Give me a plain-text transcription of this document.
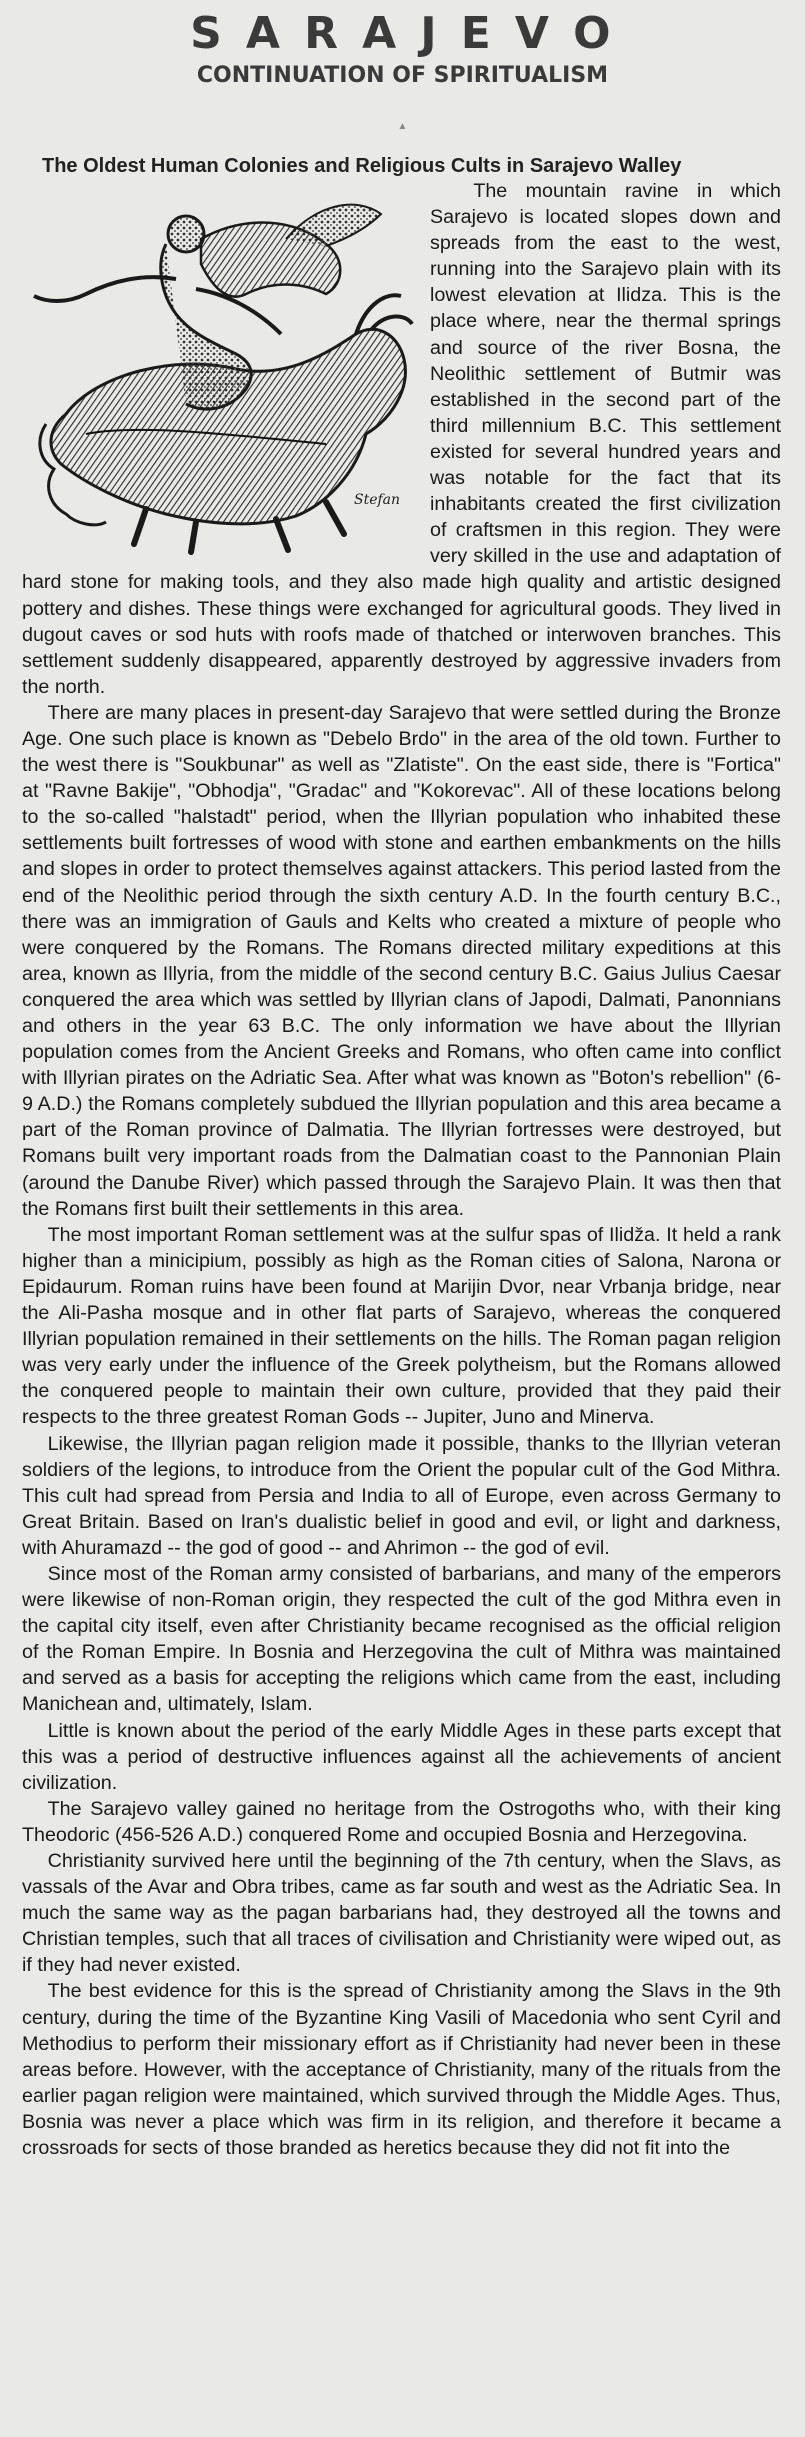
S A R A J E V O
CONTINUATION OF SPIRITUALISM
▲
The Oldest Human Colonies and Religious Cults in Sarajevo Walley
Stefan

The mountain ravine in which Sarajevo is located slopes down and spreads from the east to the west, running into the Sarajevo plain with its lowest elevation at Ilidza. This is the place where, near the thermal springs and source of the river Bosna, the Neolithic settlement of Butmir was established in the second part of the third millennium B.C. This settlement existed for several hundred years and was notable for the fact that its inhabitants created the first civilization of craftsmen in this region. They were very skilled in the use and adaptation of hard stone for making tools, and they also made high quality and artistic designed pottery and dishes. These things were exchanged for agricultural goods. They lived in dugout caves or sod huts with roofs made of thatched or interwoven branches. This settlement suddenly disappeared, apparently destroyed by aggressive invaders from the north.

There are many places in present-day Sarajevo that were settled during the Bronze Age. One such place is known as "Debelo Brdo" in the area of the old town. Further to the west there is "Soukbunar" as well as "Zlatiste". On the east side, there is "Fortica" at "Ravne Bakije", "Obhodja", "Gradac" and "Kokorevac". All of these locations belong to the so-called "halstadt" period, when the Illyrian population who inhabited these settlements built fortresses of wood with stone and earthen embankments on the hills and slopes in order to protect themselves against attackers. This period lasted from the end of the Neolithic period through the sixth century A.D. In the fourth century B.C., there was an immigration of Gauls and Kelts who created a mixture of people who were conquered by the Romans. The Romans directed military expeditions at this area, known as Illyria, from the middle of the second century B.C. Gaius Julius Caesar conquered the area which was settled by Illyrian clans of Japodi, Dalmati, Panonnians and others in the year 63 B.C. The only information we have about the Illyrian population comes from the Ancient Greeks and Romans, who often came into conflict with Illyrian pirates on the Adriatic Sea. After what was known as "Boton's rebellion" (6-9 A.D.) the Romans completely subdued the Illyrian population and this area became a part of the Roman province of Dalmatia. The Illyrian fortresses were destroyed, but Romans built very important roads from the Dalmatian coast to the Pannonian Plain (around the Danube River) which passed through the Sarajevo Plain. It was then that the Romans first built their settlements in this area.

The most important Roman settlement was at the sulfur spas of Ilidža. It held a rank higher than a minicipium, possibly as high as the Roman cities of Salona, Narona or Epidaurum. Roman ruins have been found at Marijin Dvor, near Vrbanja bridge, near the Ali-Pasha mosque and in other flat parts of Sarajevo, whereas the conquered Illyrian population remained in their settlements on the hills. The Roman pagan religion was very early under the influence of the Greek polytheism, but the Romans allowed the conquered people to maintain their own culture, provided that they paid their respects to the three greatest Roman Gods -- Jupiter, Juno and Minerva.

Likewise, the Illyrian pagan religion made it possible, thanks to the Illyrian veteran soldiers of the legions, to introduce from the Orient the popular cult of the God Mithra. This cult had spread from Persia and India to all of Europe, even across Germany to Great Britain. Based on Iran's dualistic belief in good and evil, or light and darkness, with Ahuramazd -- the god of good -- and Ahrimon -- the god of evil.

Since most of the Roman army consisted of barbarians, and many of the emperors were likewise of non-Roman origin, they respected the cult of the god Mithra even in the capital city itself, even after Christianity became recognised as the official religion of the Roman Empire. In Bosnia and Herzegovina the cult of Mithra was maintained and served as a basis for accepting the religions which came from the east, including Manichean and, ultimately, Islam.

Little is known about the period of the early Middle Ages in these parts except that this was a period of destructive influences against all the achievements of ancient civilization.

The Sarajevo valley gained no heritage from the Ostrogoths who, with their king Theodoric (456-526 A.D.) conquered Rome and occupied Bosnia and Herzegovina.

Christianity survived here until the beginning of the 7th century, when the Slavs, as vassals of the Avar and Obra tribes, came as far south and west as the Adriatic Sea. In much the same way as the pagan barbarians had, they destroyed all the towns and Christian temples, such that all traces of civilisation and Christianity were wiped out, as if they had never existed.

The best evidence for this is the spread of Christianity among the Slavs in the 9th century, during the time of the Byzantine King Vasili of Macedonia who sent Cyril and Methodius to perform their missionary effort as if Christianity had never been in these areas before. However, with the acceptance of Christianity, many of the rituals from the earlier pagan religion were maintained, which survived through the Middle Ages. Thus, Bosnia was never a place which was firm in its religion, and therefore it became a crossroads for sects of those branded as heretics because they did not fit into the
